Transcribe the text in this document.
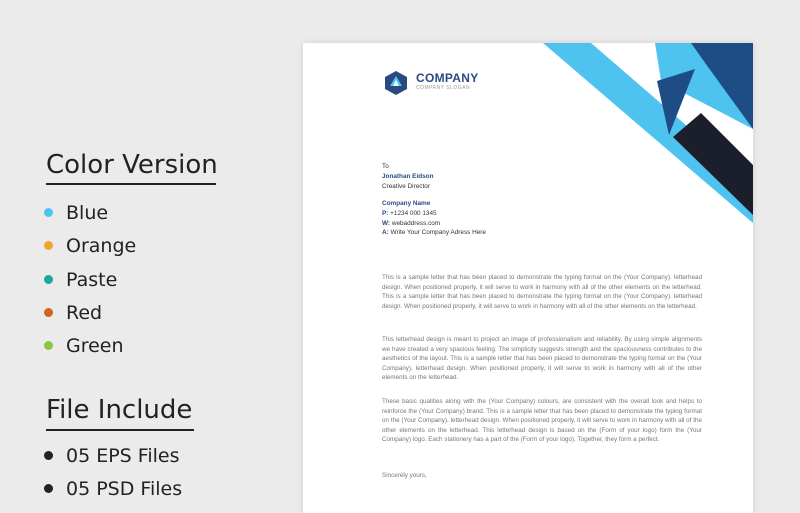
Color Version
Blue
Orange
Paste
Red
Green
File Include
05 EPS Files
05 PSD Files
COMPANY
COMPANY SLOGAN
To
Jonathan Eidson
Creative Director
Company Name
P: +1234 000 1345
W: webaddress.com
A: Write Your Company Adress Here
This is a sample letter that has been placed to demonstrate the typing format on the (Your Company). letterhead design. When positioned properly, it will serve to work in harmony with all of the other elements on the letterhead. This is a sample letter that has been placed to demonstrate the typing format on the (Your Company). letterhead design. When positioned properly, it will serve to work in harmony with all of the other elements on the letterhead.
This letterhead design is meant to project an image of professionalism and reliability. By using simple alignments we have created a very spacious feeling. The simplicity suggests strength and the spaciousness contributes to the aesthetics of the layout. This is a sample letter that has been placed to demonstrate the typing format on the (Your Company). letterhead design. When positioned properly, it will serve to work in harmony with all of the other elements on the letterhead.
These basic qualities along with the (Your Company) colours, are consistent with the overall look and helps to reinforce the (Your Company) brand. This is a sample letter that has been placed to demonstrate the typing format on the (Your Company). letterhead design. When positioned properly, it will serve to work in harmony with all of the other elements on the letterhead. This letterhead design is based on the (Form of your logo) form the (Your Company) logo. Each stationery has a part of the (Form of your logo). Together, they form a perfect.
Sincerely yours,
